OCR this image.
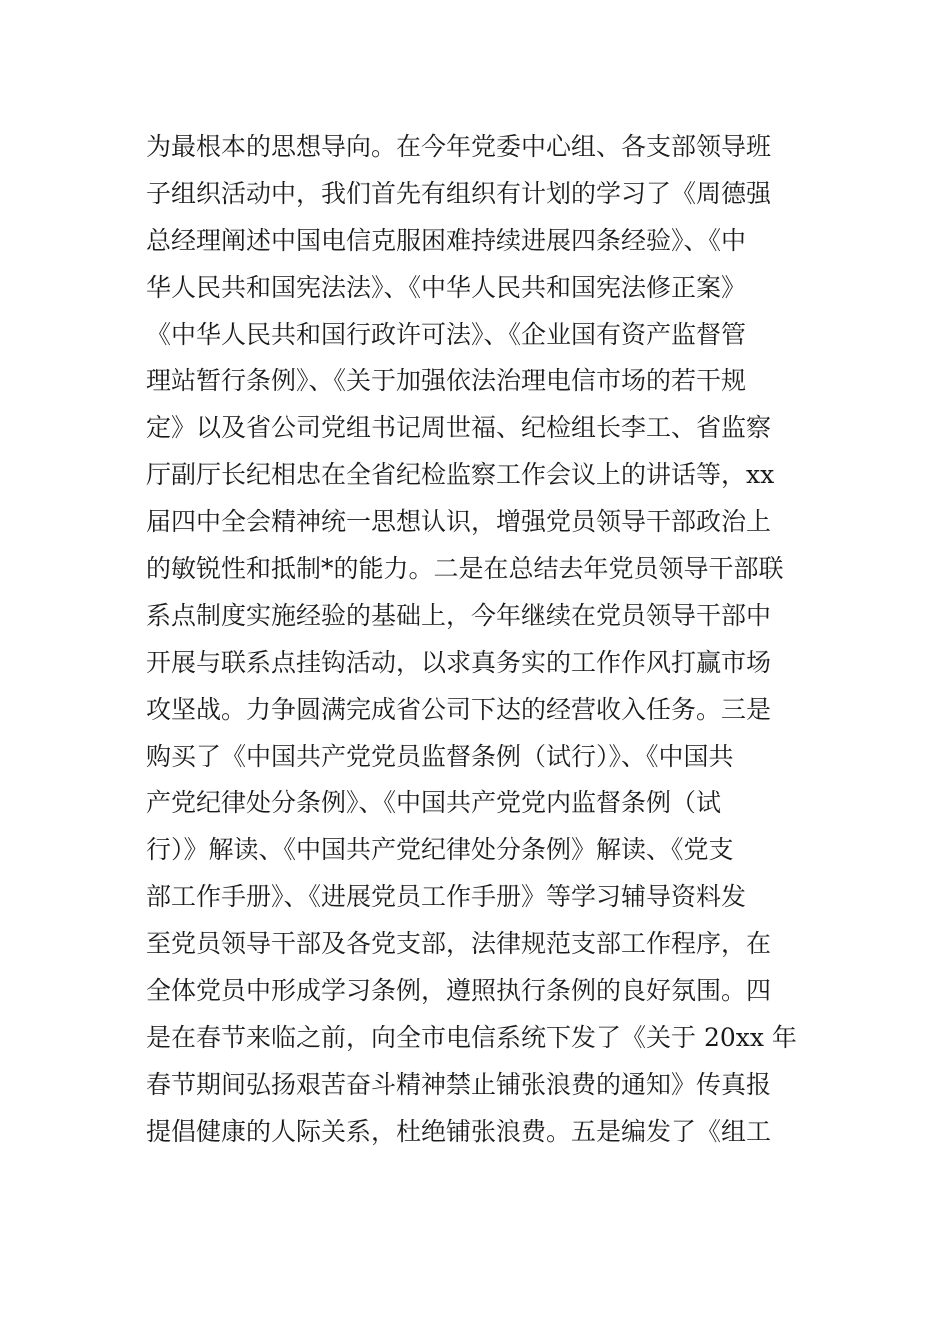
为最根本的思想导向。在今年党委中心组、各支部领导班
子组织活动中，我们首先有组织有计划的学习了《周德强
总经理阐述中国电信克服困难持续进展四条经验》、《中
华人民共和国宪法法》、《中华人民共和国宪法修正案》
《中华人民共和国行政许可法》、《企业国有资产监督管
理站暂行条例》、《关于加强依法治理电信市场的若干规
定》以及省公司党组书记周世福、纪检组长李工、省监察
厅副厅长纪相忠在全省纪检监察工作会议上的讲话等，xx
届四中全会精神统一思想认识，增强党员领导干部政治上
的敏锐性和抵制*的能力。二是在总结去年党员领导干部联
系点制度实施经验的基础上，今年继续在党员领导干部中
开展与联系点挂钩活动，以求真务实的工作作风打赢市场
攻坚战。力争圆满完成省公司下达的经营收入任务。三是
购买了《中国共产党党员监督条例（试行）》、《中国共
产党纪律处分条例》、《中国共产党党内监督条例（试
行）》解读、《中国共产党纪律处分条例》解读、《党支
部工作手册》、《进展党员工作手册》等学习辅导资料发
至党员领导干部及各党支部，法律规范支部工作程序，在
全体党员中形成学习条例，遵照执行条例的良好氛围。四
是在春节来临之前，向全市电信系统下发了《关于 20xx 年
春节期间弘扬艰苦奋斗精神禁止铺张浪费的通知》传真报
提倡健康的人际关系，杜绝铺张浪费。五是编发了《组工
